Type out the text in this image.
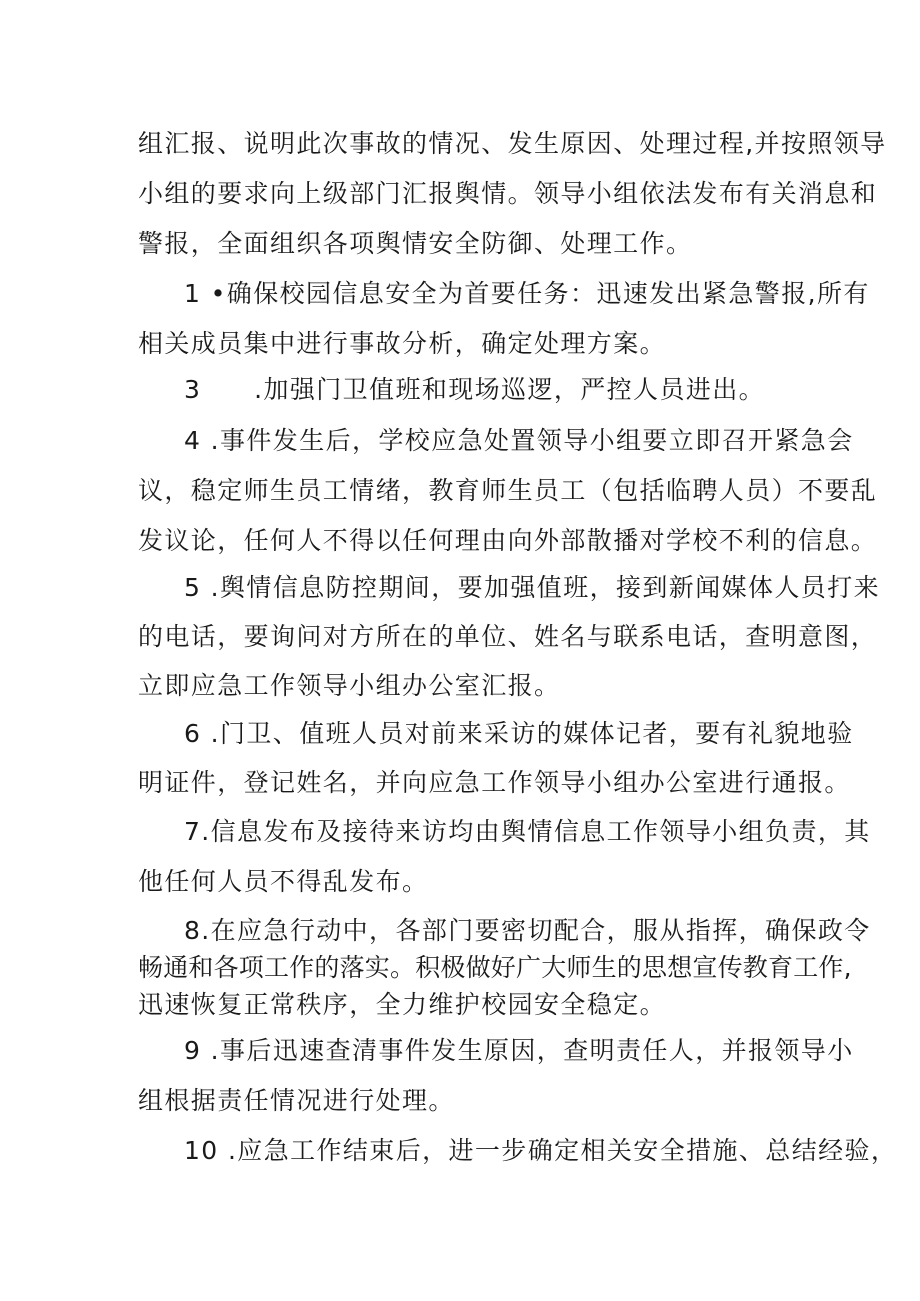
组汇报、说明此次事故的情况、发生原因、处理过程,并按照领导
小组的要求向上级部门汇报舆情。领导小组依法发布有关消息和
警报，全面组织各项舆情安全防御、处理工作。
1 •确保校园信息安全为首要任务：迅速发出紧急警报,所有
相关成员集中进行事故分析，确定处理方案。
3　　.加强门卫值班和现场巡逻，严控人员进出。
4 .事件发生后，学校应急处置领导小组要立即召开紧急会
议，稳定师生员工情绪，教育师生员工（包括临聘人员）不要乱
发议论，任何人不得以任何理由向外部散播对学校不利的信息。
5 .舆情信息防控期间，要加强值班，接到新闻媒体人员打来
的电话，要询问对方所在的单位、姓名与联系电话，查明意图，
立即应急工作领导小组办公室汇报。
6 .门卫、值班人员对前来采访的媒体记者，要有礼貌地验
明证件，登记姓名，并向应急工作领导小组办公室进行通报。
7.信息发布及接待来访均由舆情信息工作领导小组负责，其
他任何人员不得乱发布。
8.在应急行动中，各部门要密切配合，服从指挥，确保政令
畅通和各项工作的落实。积极做好广大师生的思想宣传教育工作,
迅速恢复正常秩序，全力维护校园安全稳定。
9 .事后迅速查清事件发生原因，查明责任人，并报领导小
组根据责任情况进行处理。
10 .应急工作结束后，进一步确定相关安全措施、总结经验，
